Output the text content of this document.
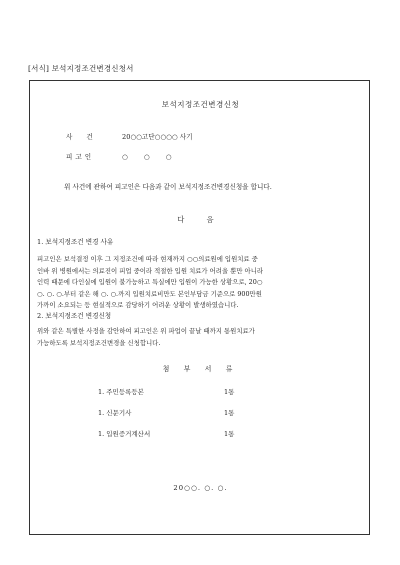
[서식] 보석지정조건변경신청서
보석지정조건변경신청
사건 20○○고단○○○○ 사기
피고인	○ ○ ○
위 사건에 관하여 피고인은 다음과 같이 보석지정조건변경신청을 합니다.
다 음
1. 보석지정조건 변경 사유
피고인은 보석결정 이후 그 지정조건에 따라 현재까지 ○○의료원에 입원치료 중
인바 위 병원에서는 의료진이 피업 중이라 적절한 입원 치료가 어려울 뿐만 아니라
인력 때문에 다인실에 입원이 불가능하고 특실에만 입원이 가능한 상황으로, 20○
○. ○. ○.부터 같은 해 ○. ○.까지 입원치료비만도 본인부담금 기준으로 900만원
가까이 소요되는 등 현실적으로 감당하기 어려운 상황이 발생하였습니다.
2. 보석지정조건 변경신청
위와 같은 특별한 사정을 감안하여 피고인은 위 파업이 끝날 때까지 통원치료가
가능하도록 보석지정조건변경을 신청합니다.
첨 부 서 류
1. 주민등록등본	1통
1. 신문기사	1통
1. 입원증거계산서	1통
20○○. ○. ○.
